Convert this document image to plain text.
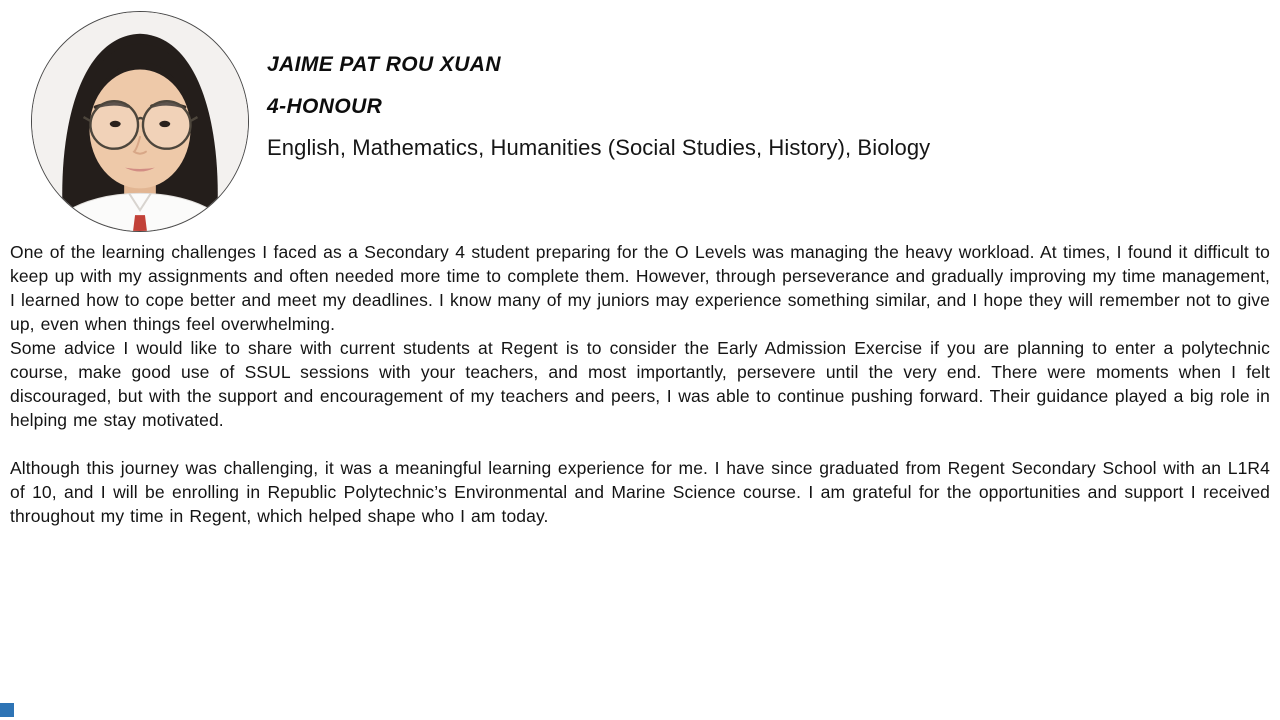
JAIME PAT ROU XUAN
4-HONOUR
English, Mathematics, Humanities (Social Studies, History), Biology

One of the learning challenges I faced as a Secondary 4 student preparing for the O Levels was managing the heavy workload. At times, I found it difficult to keep up with my assignments and often needed more time to complete them. However, through perseverance and gradually improving my time management, I learned how to cope better and meet my deadlines. I know many of my juniors may experience something similar, and I hope they will remember not to give up, even when things feel overwhelming.

Some advice I would like to share with current students at Regent is to consider the Early Admission Exercise if you are planning to enter a polytechnic course, make good use of SSUL sessions with your teachers, and most importantly, persevere until the very end. There were moments when I felt discouraged, but with the support and encouragement of my teachers and peers, I was able to continue pushing forward. Their guidance played a big role in helping me stay motivated.

Although this journey was challenging, it was a meaningful learning experience for me. I have since graduated from Regent Secondary School with an L1R4 of 10, and I will be enrolling in Republic Polytechnic’s Environmental and Marine Science course. I am grateful for the opportunities and support I received throughout my time in Regent, which helped shape who I am today.
